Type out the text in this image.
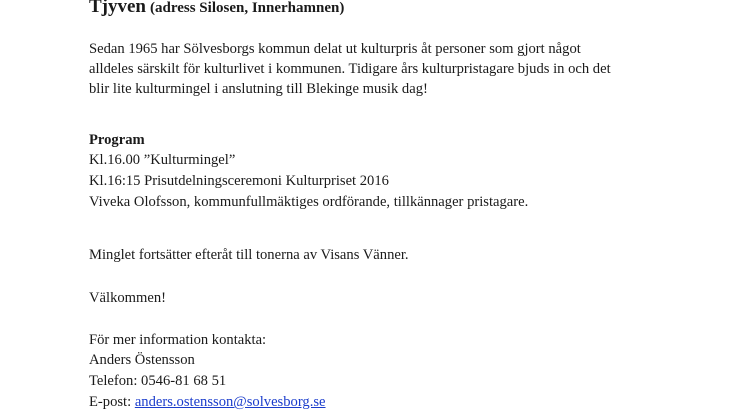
Tjyven (adress Silosen, Innerhamnen)
Sedan 1965 har Sölvesborgs kommun delat ut kulturpris åt personer som gjort något
alldeles särskilt för kulturlivet i kommunen. Tidigare års kulturpristagare bjuds in och det
blir lite kulturmingel i anslutning till Blekinge musik dag!
Program
Kl.16.00 ”Kulturmingel”
Kl.16:15 Prisutdelningsceremoni Kulturpriset 2016
Viveka Olofsson, kommunfullmäktiges ordförande, tillkännager pristagare.
Minglet fortsätter efteråt till tonerna av Visans Vänner.
Välkommen!
För mer information kontakta:
Anders Östensson
Telefon: 0546-81 68 51
E-post: anders.ostensson@solvesborg.se
